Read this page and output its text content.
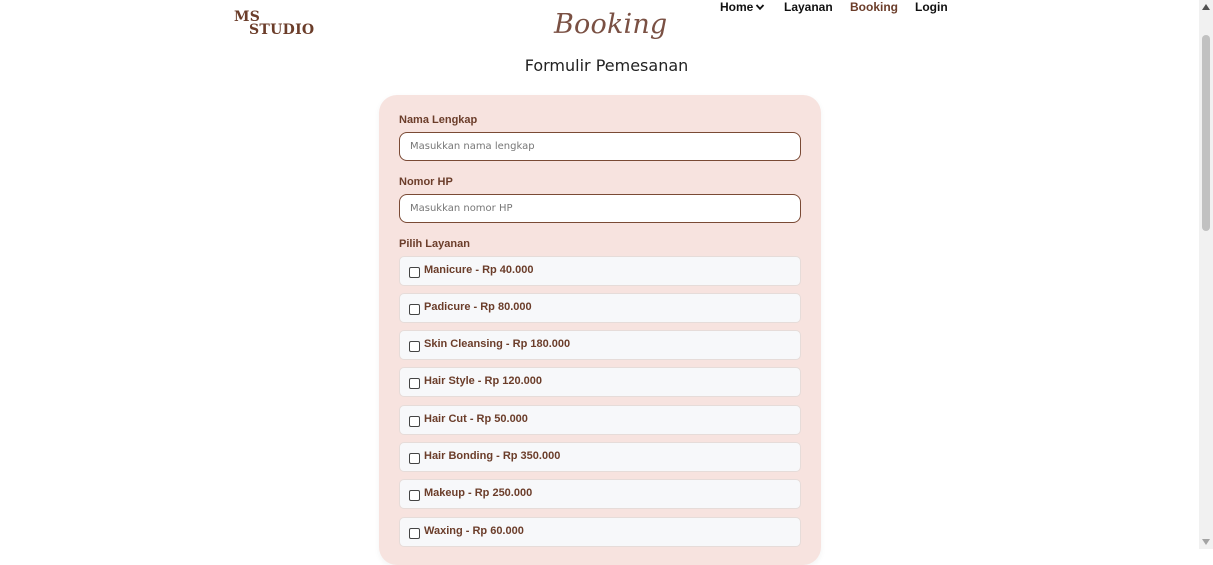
MS
STUDIO	Booking
Home	Layanan Booking Login
Formulir Pemesanan
Nama Lengkap
Masukkan nama lengkap
Nomor HP
Masukkan nomor HP
Pilih Layanan
Manicure - Rp 40.000
Padicure - Rp 80.000
Skin Cleansing - Rp 180.000
Hair Style - Rp 120.000
Hair Cut - Rp 50.000
Hair Bonding - Rp 350.000
Makeup - Rp 250.000
Waxing - Rp 60.000
